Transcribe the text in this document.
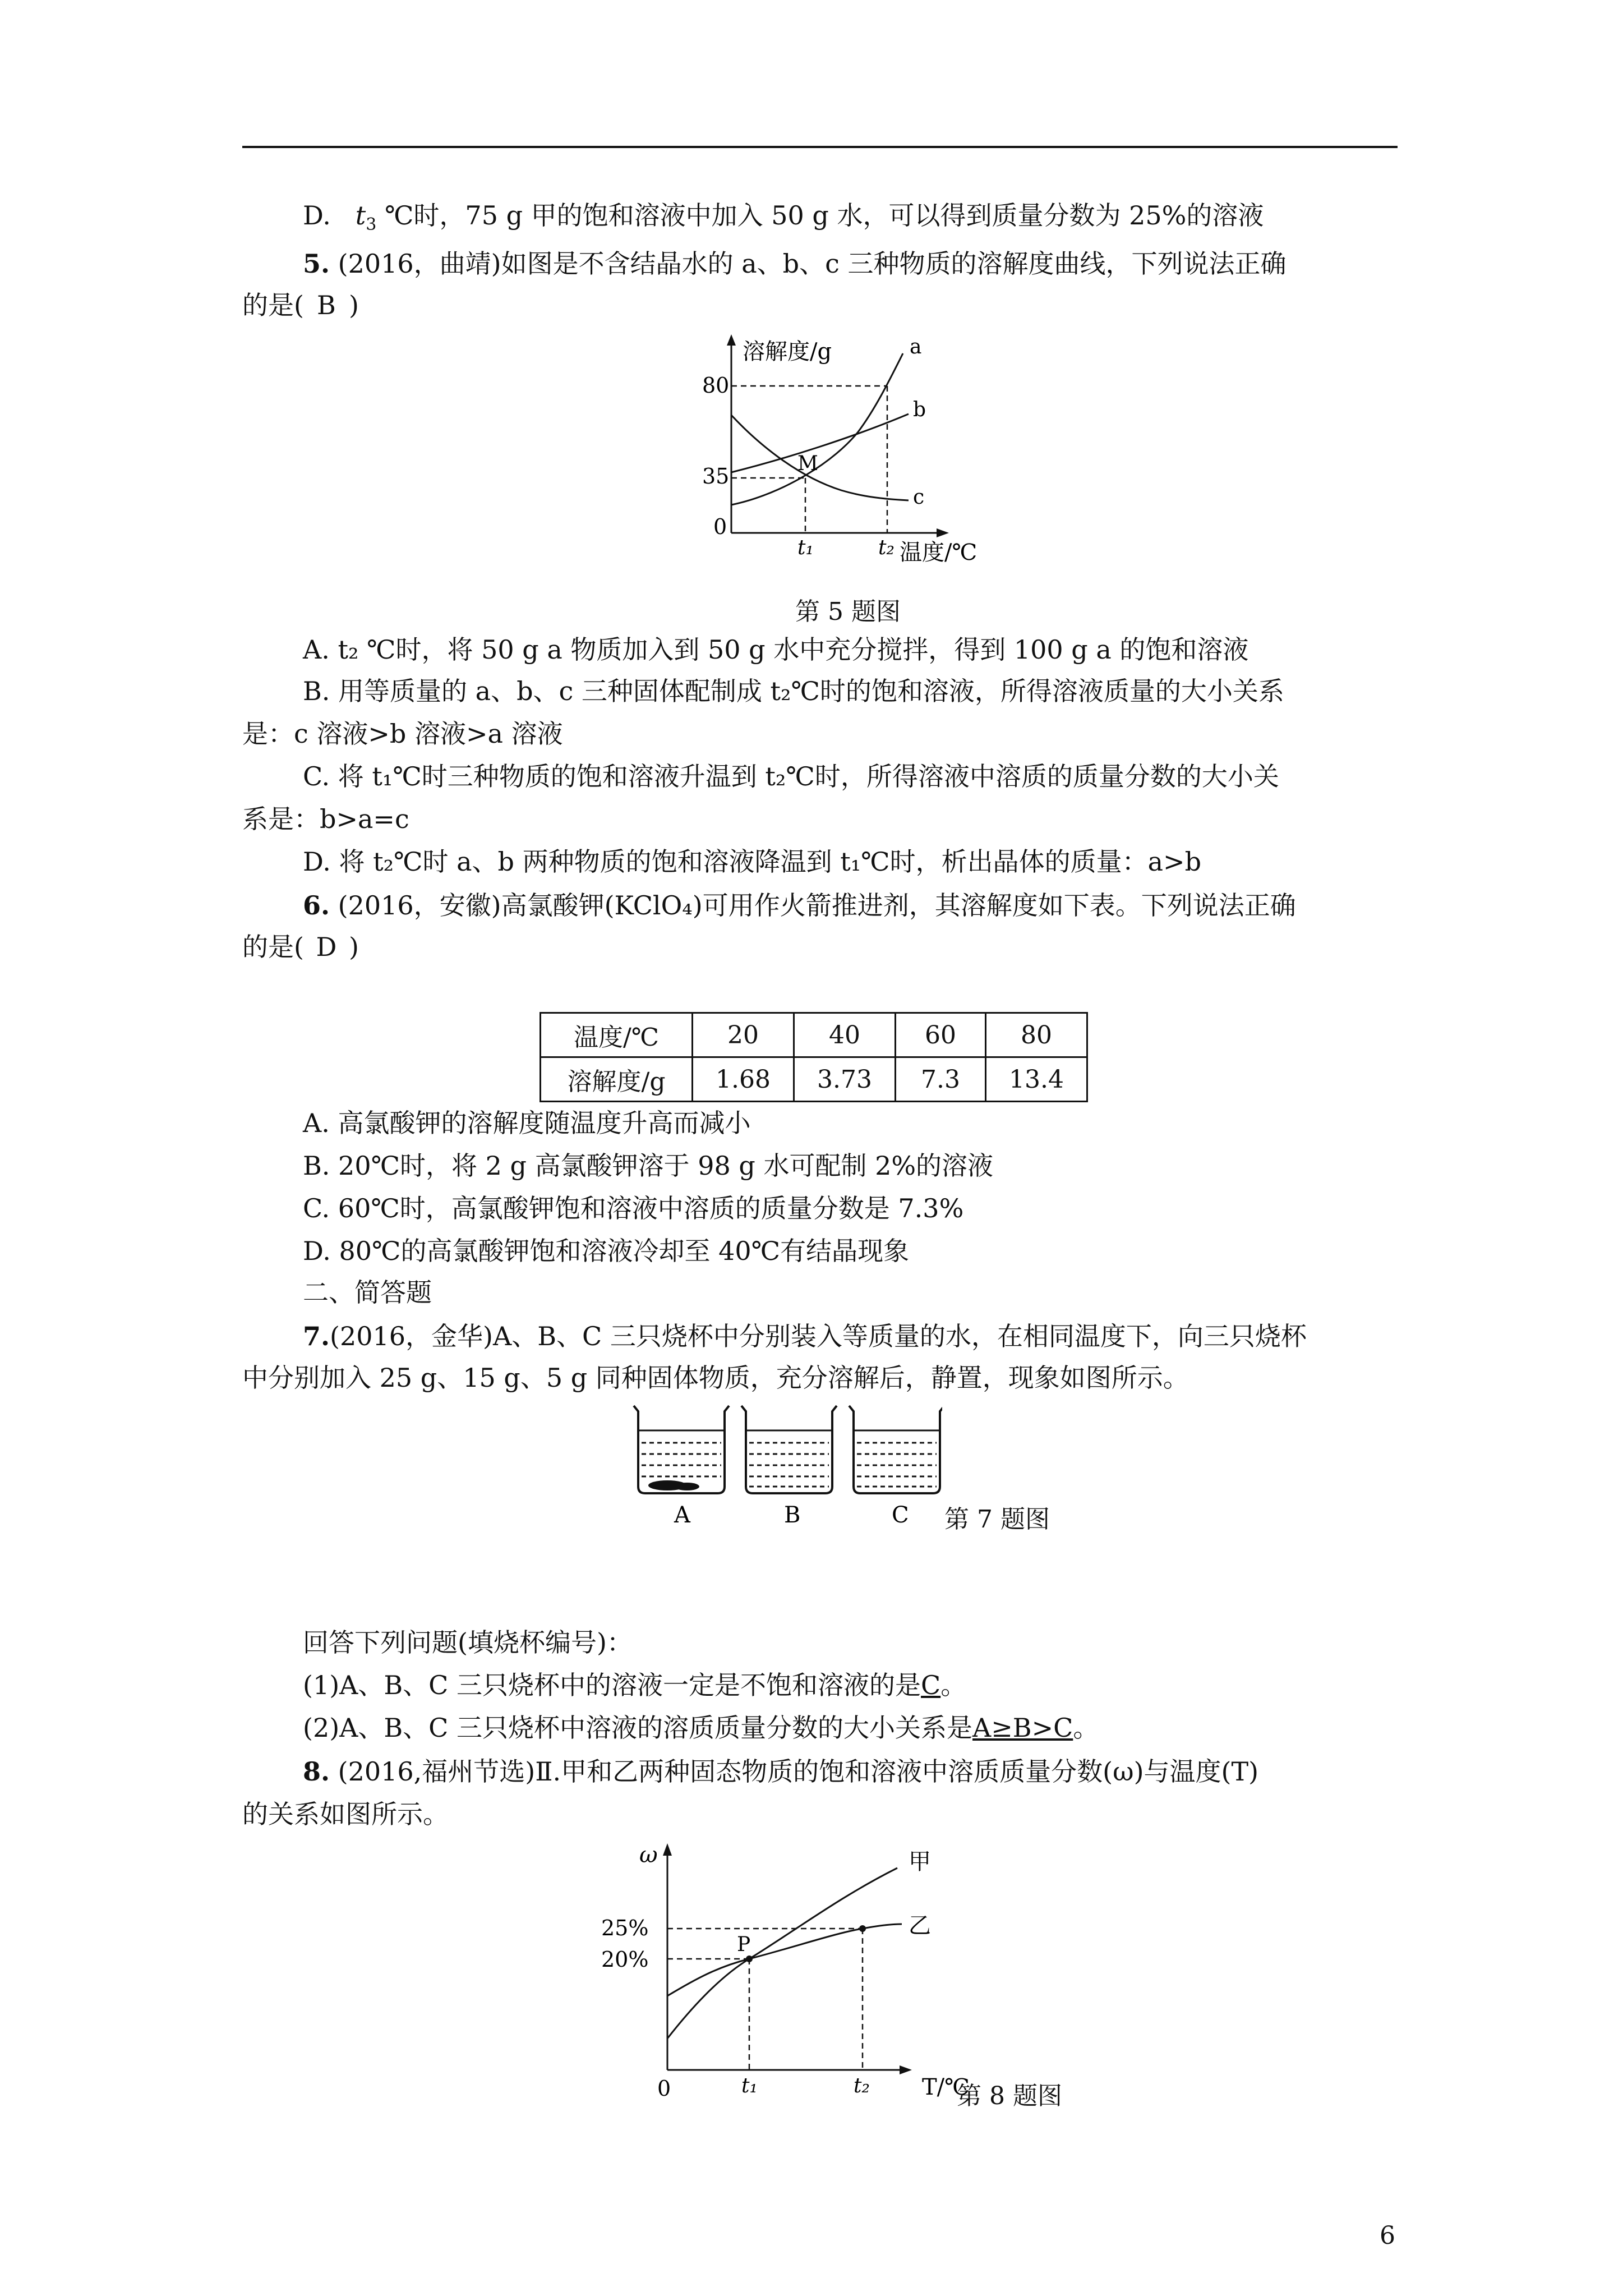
D. $t_3$ ℃时，75 g 甲的饱和溶液中加入 50 g 水，可以得到质量分数为 25%的溶液
5. (2016，曲靖)如图是不含结晶水的 a、b、c 三种物质的溶解度曲线，下列说法正确
的是( B )
溶解度/g
温度/℃
80
35
0
t₁	t₂
M
a
b
c
第 5 题图
A. t₂ ℃时，将 50 g a 物质加入到 50 g 水中充分搅拌，得到 100 g a 的饱和溶液
B. 用等质量的 a、b、c 三种固体配制成 t₂℃时的饱和溶液，所得溶液质量的大小关系
是：c 溶液>b 溶液>a 溶液
C. 将 t₁℃时三种物质的饱和溶液升温到 t₂℃时，所得溶液中溶质的质量分数的大小关
系是：b>a=c
D. 将 t₂℃时 a、b 两种物质的饱和溶液降温到 t₁℃时，析出晶体的质量：a>b
6. (2016，安徽)高氯酸钾(KClO₄)可用作火箭推进剂，其溶解度如下表。下列说法正确
的是( D )
温度/℃	20	40	60	80
溶解度/g	1.68	3.73	7.3	13.4
A. 高氯酸钾的溶解度随温度升高而减小
B. 20℃时，将 2 g 高氯酸钾溶于 98 g 水可配制 2%的溶液
C. 60℃时，高氯酸钾饱和溶液中溶质的质量分数是 7.3%
D. 80℃的高氯酸钾饱和溶液冷却至 40℃有结晶现象
二、简答题
7.(2016，金华)A、B、C 三只烧杯中分别装入等质量的水，在相同温度下，向三只烧杯
中分别加入 25 g、15 g、5 g 同种固体物质，充分溶解后，静置，现象如图所示。
A	B	C 第 7 题图
回答下列问题(填烧杯编号)：
(1)A、B、C 三只烧杯中的溶液一定是不饱和溶液的是C。
(2)A、B、C 三只烧杯中溶液的溶质质量分数的大小关系是A≥B>C。
8. (2016,福州节选)Ⅱ.甲和乙两种固态物质的饱和溶液中溶质质量分数(ω)与温度(T)
的关系如图所示。
ω
T/℃
25%
20%
0	t₁	t₂
P
甲
乙
第 8 题图
6
